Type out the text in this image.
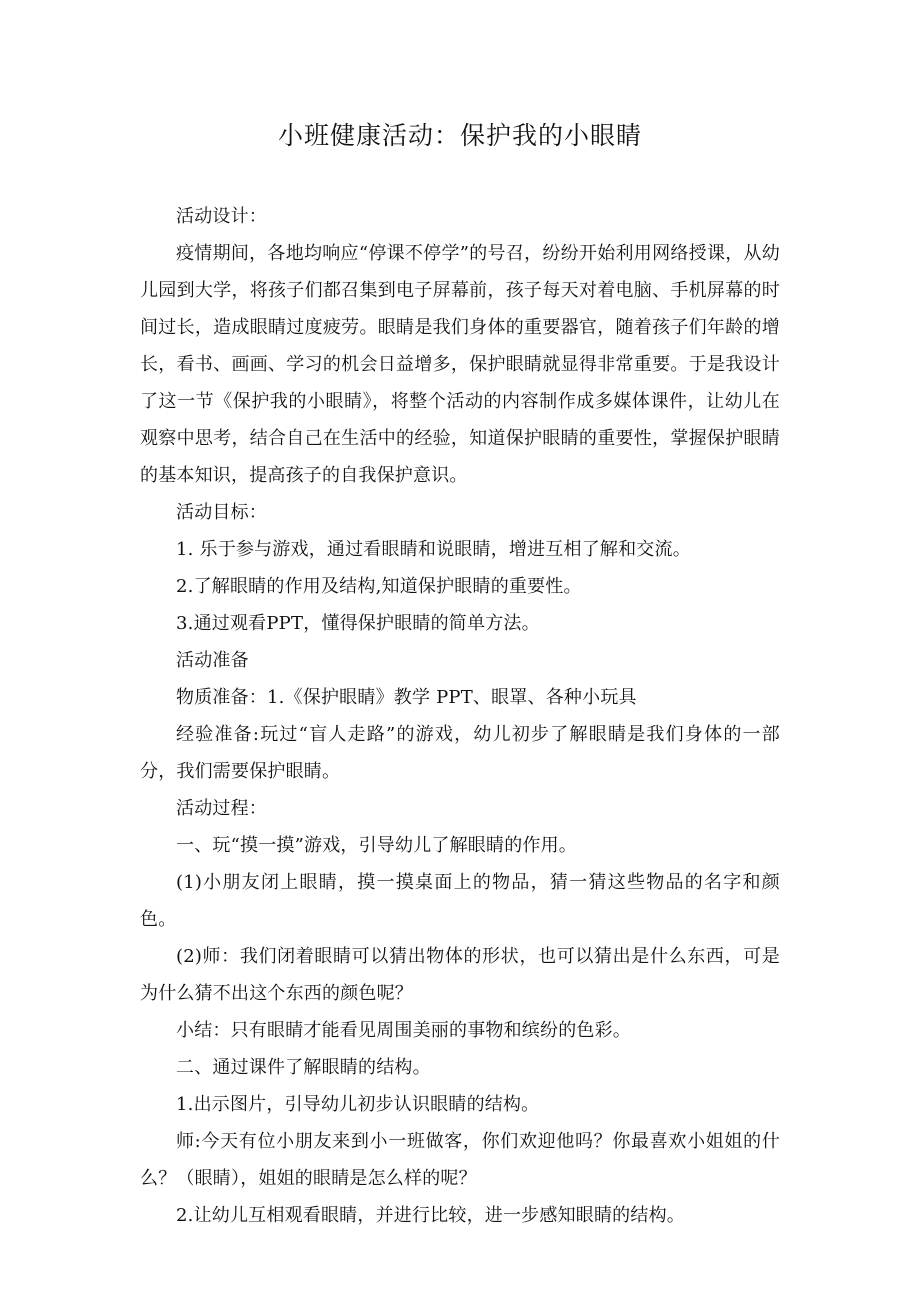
小班健康活动：保护我的小眼睛

活动设计：

疫情期间，各地均响应“停课不停学”的号召，纷纷开始利用网络授课，从幼儿园到大学，将孩子们都召集到电子屏幕前，孩子每天对着电脑、手机屏幕的时间过长，造成眼睛过度疲劳。眼睛是我们身体的重要器官，随着孩子们年龄的增长，看书、画画、学习的机会日益增多，保护眼睛就显得非常重要。于是我设计了这一节《保护我的小眼睛》，将整个活动的内容制作成多媒体课件，让幼儿在观察中思考，结合自己在生活中的经验，知道保护眼睛的重要性，掌握保护眼睛的基本知识，提高孩子的自我保护意识。

活动目标：

1. 乐于参与游戏，通过看眼睛和说眼睛，增进互相了解和交流。

2.了解眼睛的作用及结构,知道保护眼睛的重要性。

3.通过观看PPT，懂得保护眼睛的简单方法。

活动准备

物质准备：1.《保护眼睛》教学 PPT、眼罩、各种小玩具

经验准备:玩过“盲人走路”的游戏，幼儿初步了解眼睛是我们身体的一部分，我们需要保护眼睛。

活动过程：

一、玩“摸一摸”游戏，引导幼儿了解眼睛的作用。

(1)小朋友闭上眼睛，摸一摸桌面上的物品，猜一猜这些物品的名字和颜色。

(2)师：我们闭着眼睛可以猜出物体的形状，也可以猜出是什么东西，可是为什么猜不出这个东西的颜色呢？

小结：只有眼睛才能看见周围美丽的事物和缤纷的色彩。

二、通过课件了解眼睛的结构。

1.出示图片，引导幼儿初步认识眼睛的结构。

师:今天有位小朋友来到小一班做客，你们欢迎他吗？你最喜欢小姐姐的什么？（眼睛），姐姐的眼睛是怎么样的呢？

2.让幼儿互相观看眼睛，并进行比较，进一步感知眼睛的结构。
